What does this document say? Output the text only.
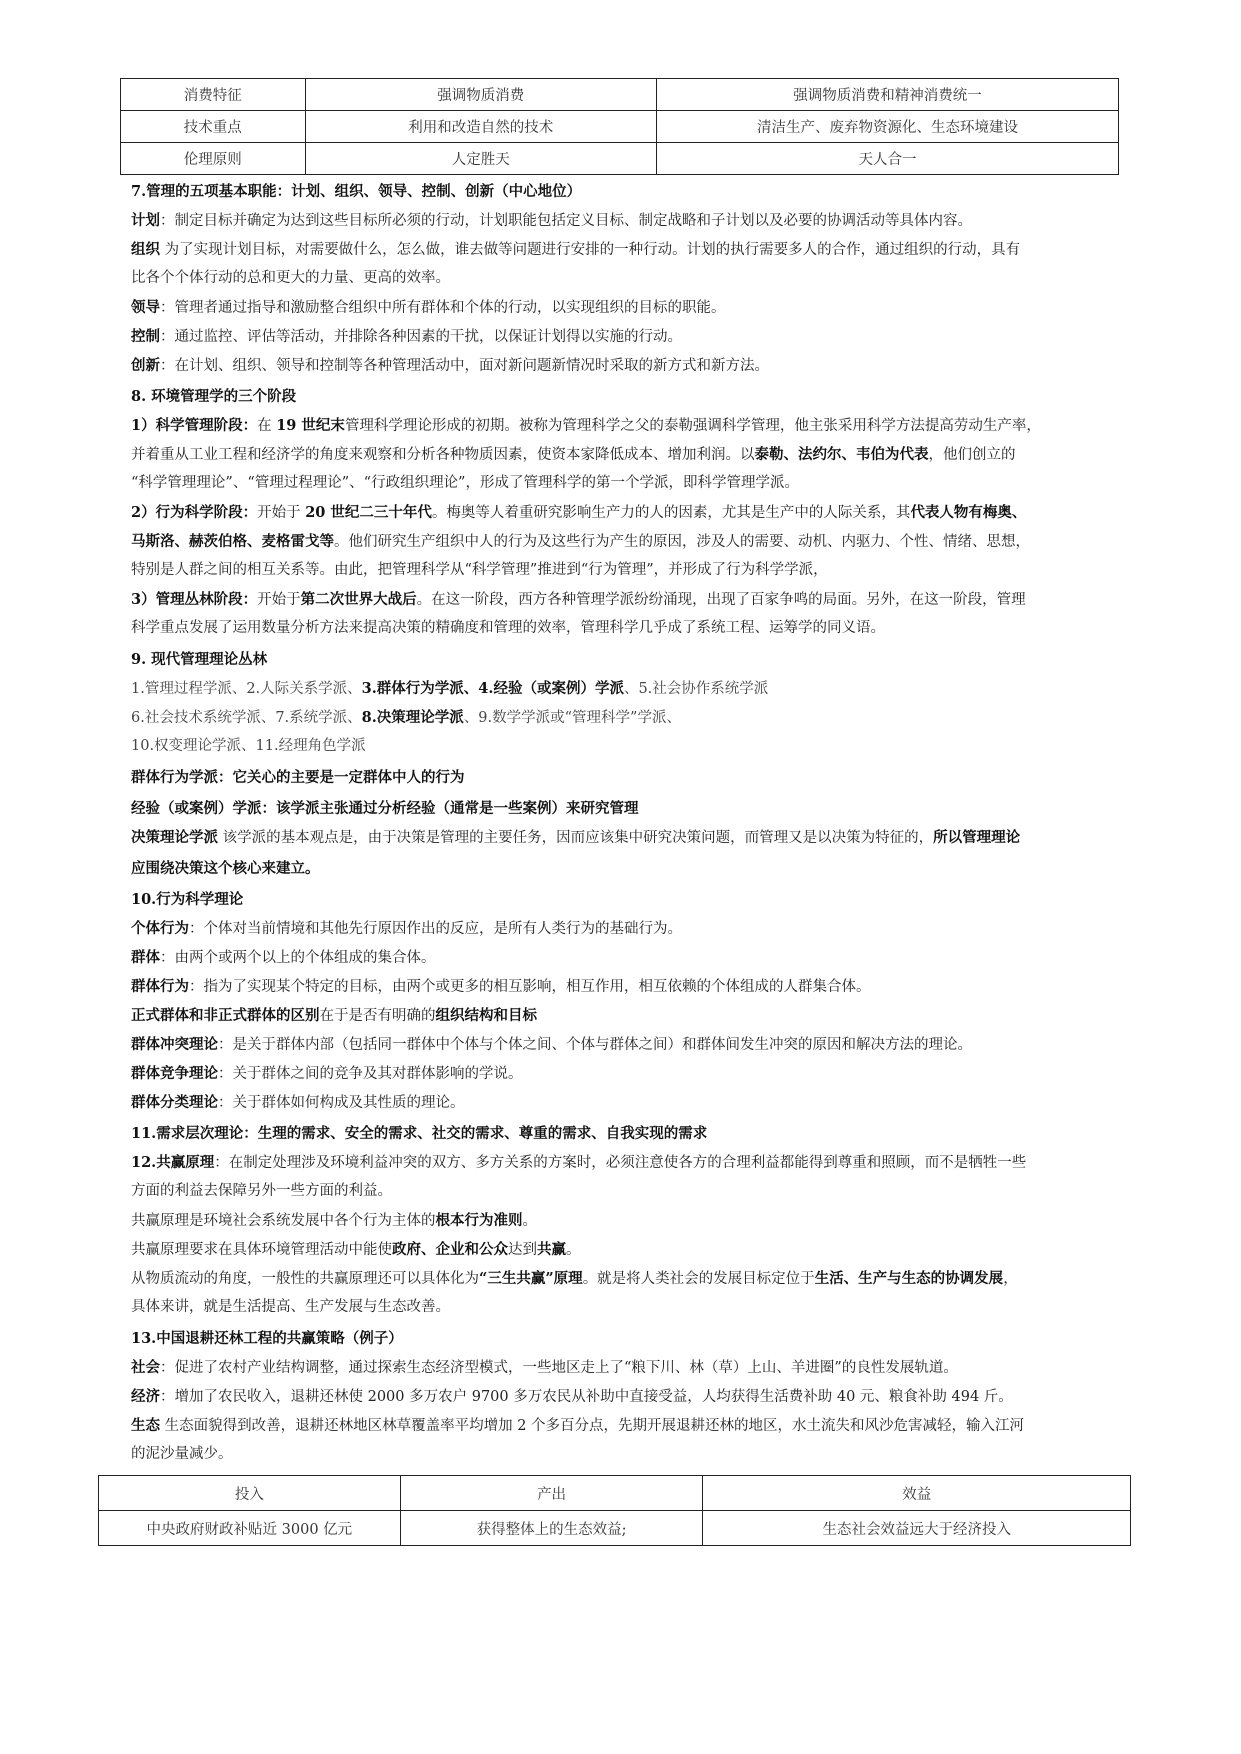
消费特征	强调物质消费	强调物质消费和精神消费统一
技术重点	利用和改造自然的技术	清洁生产、废弃物资源化、生态环境建设
伦理原则	人定胜天	天人合一
7.管理的五项基本职能：计划、组织、领导、控制、创新（中心地位）
计划：制定目标并确定为达到这些目标所必须的行动，计划职能包括定义目标、制定战略和子计划以及必要的协调活动等具体内容。
组织 为了实现计划目标，对需要做什么，怎么做，谁去做等问题进行安排的一种行动。计划的执行需要多人的合作，通过组织的行动，具有
比各个个体行动的总和更大的力量、更高的效率。
领导：管理者通过指导和激励整合组织中所有群体和个体的行动，以实现组织的目标的职能。
控制：通过监控、评估等活动，并排除各种因素的干扰，以保证计划得以实施的行动。
创新：在计划、组织、领导和控制等各种管理活动中，面对新问题新情况时采取的新方式和新方法。
8. 环境管理学的三个阶段
1）科学管理阶段：在 19 世纪末管理科学理论形成的初期。被称为管理科学之父的泰勒强调科学管理，他主张采用科学方法提高劳动生产率，
并着重从工业工程和经济学的角度来观察和分析各种物质因素，使资本家降低成本、增加利润。以泰勒、法约尔、韦伯为代表，他们创立的
“科学管理理论”、“管理过程理论”、“行政组织理论”，形成了管理科学的第一个学派，即科学管理学派。
2）行为科学阶段：开始于 20 世纪二三十年代。梅奥等人着重研究影响生产力的人的因素，尤其是生产中的人际关系，其代表人物有梅奥、
马斯洛、赫茨伯格、麦格雷戈等。他们研究生产组织中人的行为及这些行为产生的原因，涉及人的需要、动机、内驱力、个性、情绪、思想，
特别是人群之间的相互关系等。由此，把管理科学从“科学管理”推进到“行为管理”，并形成了行为科学学派，
3）管理丛林阶段：开始于第二次世界大战后。在这一阶段，西方各种管理学派纷纷涌现，出现了百家争鸣的局面。另外，在这一阶段，管理
科学重点发展了运用数量分析方法来提高决策的精确度和管理的效率，管理科学几乎成了系统工程、运筹学的同义语。
9. 现代管理理论丛林
1.管理过程学派、2.人际关系学派、3.群体行为学派、4.经验（或案例）学派、5.社会协作系统学派
6.社会技术系统学派、7.系统学派、8.决策理论学派、9.数学学派或“管理科学”学派、
10.权变理论学派、11.经理角色学派
群体行为学派：它关心的主要是一定群体中人的行为
经验（或案例）学派：该学派主张通过分析经验（通常是一些案例）来研究管理
决策理论学派 该学派的基本观点是，由于决策是管理的主要任务，因而应该集中研究决策问题，而管理又是以决策为特征的，所以管理理论
应围绕决策这个核心来建立。
10.行为科学理论
个体行为：个体对当前情境和其他先行原因作出的反应，是所有人类行为的基础行为。
群体：由两个或两个以上的个体组成的集合体。
群体行为：指为了实现某个特定的目标，由两个或更多的相互影响，相互作用，相互依赖的个体组成的人群集合体。
正式群体和非正式群体的区别在于是否有明确的组织结构和目标
群体冲突理论：是关于群体内部（包括同一群体中个体与个体之间、个体与群体之间）和群体间发生冲突的原因和解决方法的理论。
群体竞争理论：关于群体之间的竞争及其对群体影响的学说。
群体分类理论：关于群体如何构成及其性质的理论。
11.需求层次理论：生理的需求、安全的需求、社交的需求、尊重的需求、自我实现的需求
12.共赢原理：在制定处理涉及环境利益冲突的双方、多方关系的方案时，必须注意使各方的合理利益都能得到尊重和照顾，而不是牺牲一些
方面的利益去保障另外一些方面的利益。
共赢原理是环境社会系统发展中各个行为主体的根本行为准则。
共赢原理要求在具体环境管理活动中能使政府、企业和公众达到共赢。
从物质流动的角度，一般性的共赢原理还可以具体化为“三生共赢”原理。就是将人类社会的发展目标定位于生活、生产与生态的协调发展，
具体来讲，就是生活提高、生产发展与生态改善。
13.中国退耕还林工程的共赢策略（例子）
社会：促进了农村产业结构调整，通过探索生态经济型模式，一些地区走上了“粮下川、林（草）上山、羊进圈”的良性发展轨道。
经济：增加了农民收入，退耕还林使 2000 多万农户 9700 多万农民从补助中直接受益，人均获得生活费补助 40 元、粮食补助 494 斤。
生态 生态面貌得到改善，退耕还林地区林草覆盖率平均增加 2 个多百分点，先期开展退耕还林的地区，水土流失和风沙危害减轻，输入江河
的泥沙量减少。
投入	产出	效益
中央政府财政补贴近 3000 亿元	获得整体上的生态效益;	生态社会效益远大于经济投入
